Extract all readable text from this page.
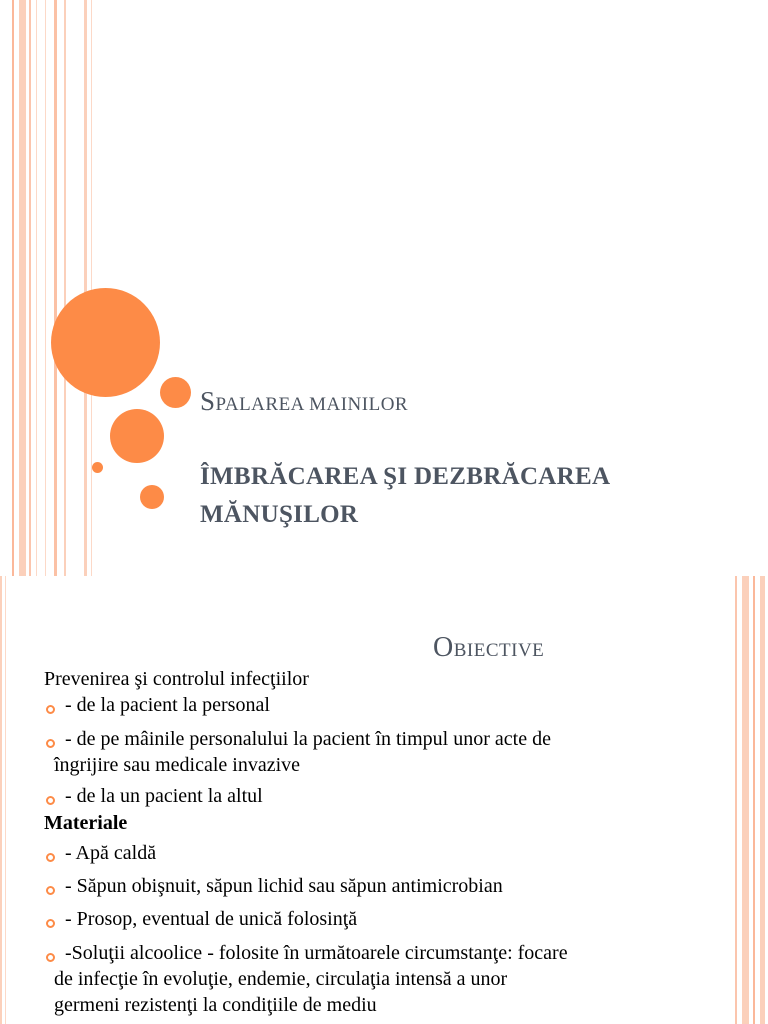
SPALAREA MAINILOR
ÎMBRĂCAREA ŞI DEZBRĂCAREA
MĂNUŞILOR
OBIECTIVE
Prevenirea şi controlul infecţiilor
- de la pacient la personal
- de pe mâinile personalului la pacient în timpul unor acte de
îngrijire sau medicale invazive
- de la un pacient la altul
Materiale
- Apă caldă
- Săpun obişnuit, săpun lichid sau săpun antimicrobian
- Prosop, eventual de unică folosinţă
-Soluţii alcoolice - folosite în următoarele circumstanţe: focare
de infecţie în evoluţie, endemie, circulaţia intensă a unor
germeni rezistenţi la condiţiile de mediu
